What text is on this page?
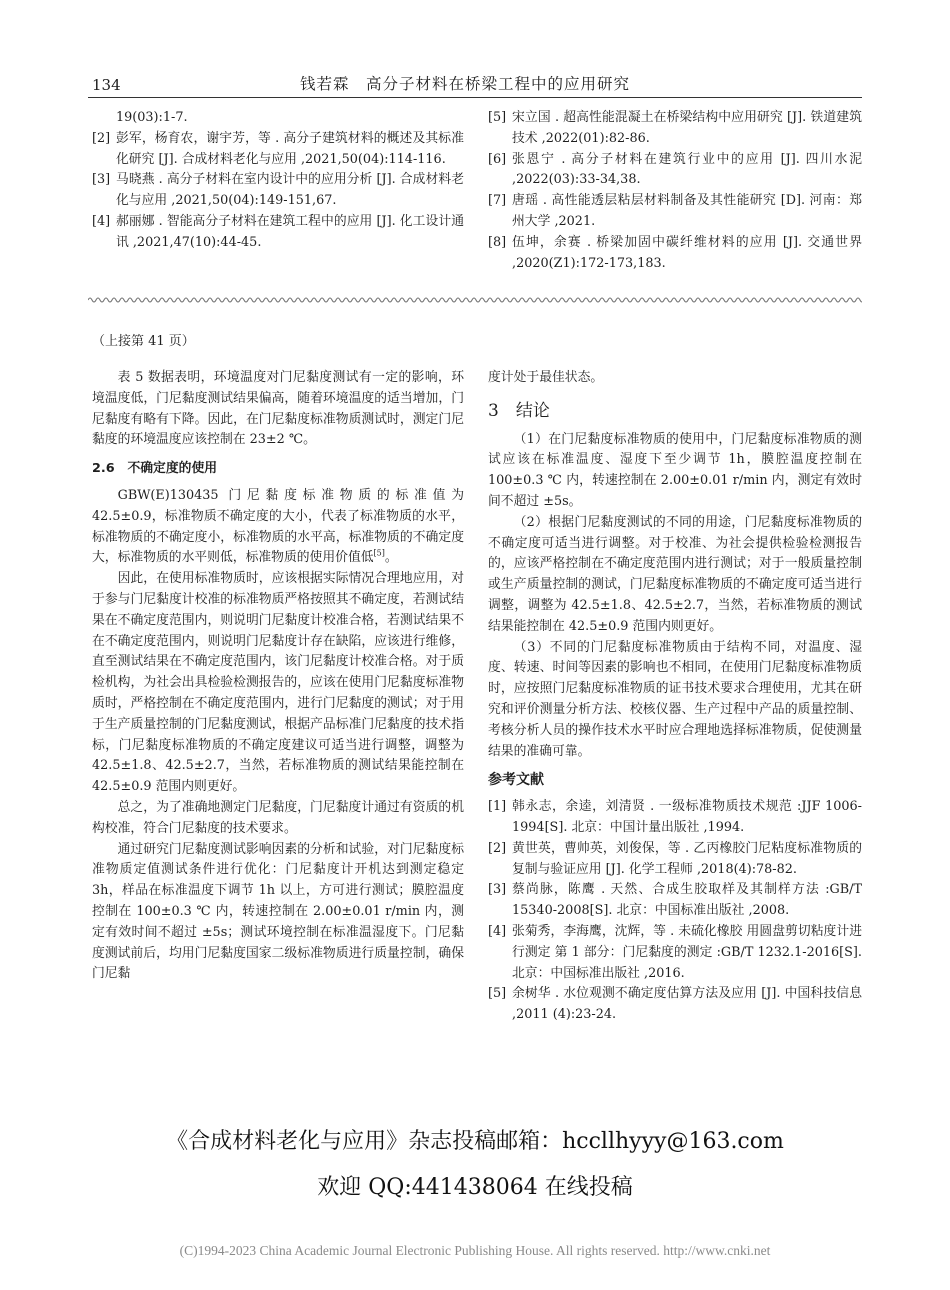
134	钱若霖　高分子材料在桥梁工程中的应用研究
19(03):1-7.
[2] 彭军，杨育农，谢宇芳，等 . 高分子建筑材料的概述及其标准化研究 [J]. 合成材料老化与应用 ,2021,50(04):114-116.
[3] 马晓燕 . 高分子材料在室内设计中的应用分析 [J]. 合成材料老化与应用 ,2021,50(04):149-151,67.
[4] 郝丽娜 . 智能高分子材料在建筑工程中的应用 [J]. 化工设计通讯 ,2021,47(10):44-45.
[5] 宋立国 . 超高性能混凝土在桥梁结构中应用研究 [J]. 铁道建筑技术 ,2022(01):82-86.
[6] 张恩宁 . 高分子材料在建筑行业中的应用 [J]. 四川水泥 ,2022(03):33-34,38.
[7] 唐瑶 . 高性能透层粘层材料制备及其性能研究 [D]. 河南：郑州大学 ,2021.
[8] 伍坤，余赛 . 桥梁加固中碳纤维材料的应用 [J]. 交通世界 ,2020(Z1):172-173,183.
（上接第 41 页）

表 5 数据表明，环境温度对门尼黏度测试有一定的影响，环境温度低，门尼黏度测试结果偏高，随着环境温度的适当增加，门尼黏度有略有下降。因此，在门尼黏度标准物质测试时，测定门尼黏度的环境温度应该控制在 23±2 ℃。

2.6　不确定度的使用

GBW(E)130435 门尼黏度标准物质的标准值为 42.5±0.9，标准物质不确定度的大小，代表了标准物质的水平，标准物质的不确定度小，标准物质的水平高，标准物质的不确定度大，标准物质的水平则低，标准物质的使用价值低[5]。

因此，在使用标准物质时，应该根据实际情况合理地应用，对于参与门尼黏度计校准的标准物质严格按照其不确定度，若测试结果在不确定度范围内，则说明门尼黏度计校准合格，若测试结果不在不确定度范围内，则说明门尼黏度计存在缺陷，应该进行维修，直至测试结果在不确定度范围内，该门尼黏度计校准合格。对于质检机构，为社会出具检验检测报告的，应该在使用门尼黏度标准物质时，严格控制在不确定度范围内，进行门尼黏度的测试；对于用于生产质量控制的门尼黏度测试，根据产品标准门尼黏度的技术指标，门尼黏度标准物质的不确定度建议可适当进行调整，调整为 42.5±1.8、42.5±2.7，当然，若标准物质的测试结果能控制在 42.5±0.9 范围内则更好。

总之，为了准确地测定门尼黏度，门尼黏度计通过有资质的机构校准，符合门尼黏度的技术要求。

通过研究门尼黏度测试影响因素的分析和试验，对门尼黏度标准物质定值测试条件进行优化：门尼黏度计开机达到测定稳定 3h，样品在标准温度下调节 1h 以上，方可进行测试；膜腔温度控制在 100±0.3 ℃ 内，转速控制在 2.00±0.01 r/min 内，测定有效时间不超过 ±5s；测试环境控制在标准温湿度下。门尼黏度测试前后，均用门尼黏度国家二级标准物质进行质量控制，确保门尼黏

度计处于最佳状态。

3　结论

（1）在门尼黏度标准物质的使用中，门尼黏度标准物质的测试应该在标准温度、湿度下至少调节 1h，膜腔温度控制在 100±0.3 ℃ 内，转速控制在 2.00±0.01 r/min 内，测定有效时间不超过 ±5s。

（2）根据门尼黏度测试的不同的用途，门尼黏度标准物质的不确定度可适当进行调整。对于校准、为社会提供检验检测报告的，应该严格控制在不确定度范围内进行测试；对于一般质量控制或生产质量控制的测试，门尼黏度标准物质的不确定度可适当进行调整，调整为 42.5±1.8、42.5±2.7，当然，若标准物质的测试结果能控制在 42.5±0.9 范围内则更好。

（3）不同的门尼黏度标准物质由于结构不同，对温度、湿度、转速、时间等因素的影响也不相同，在使用门尼黏度标准物质时，应按照门尼黏度标准物质的证书技术要求合理使用，尤其在研究和评价测量分析方法、校核仪器、生产过程中产品的质量控制、考核分析人员的操作技术水平时应合理地选择标准物质，促使测量结果的准确可靠。

参考文献
[1] 韩永志，余逵，刘清贤 . 一级标准物质技术规范 :JJF 1006-1994[S]. 北京：中国计量出版社 ,1994.
[2] 黄世英，曹帅英，刘俊保，等 . 乙丙橡胶门尼粘度标准物质的复制与验证应用 [J]. 化学工程师 ,2018(4):78-82.
[3] 蔡尚脉，陈鹰 . 天然、合成生胶取样及其制样方法 :GB/T 15340-2008[S]. 北京：中国标准出版社 ,2008.
[4] 张菊秀，李海鹰，沈辉，等 . 未硫化橡胶 用圆盘剪切粘度计进行测定 第 1 部分：门尼黏度的测定 :GB/T 1232.1-2016[S]. 北京：中国标准出版社 ,2016.
[5] 余树华 . 水位观测不确定度估算方法及应用 [J]. 中国科技信息 ,2011 (4):23-24.
《合成材料老化与应用》杂志投稿邮箱：hccllhyyy@163.com
欢迎 QQ:441438064 在线投稿
(C)1994-2023 China Academic Journal Electronic Publishing House. All rights reserved. http://www.cnki.net
